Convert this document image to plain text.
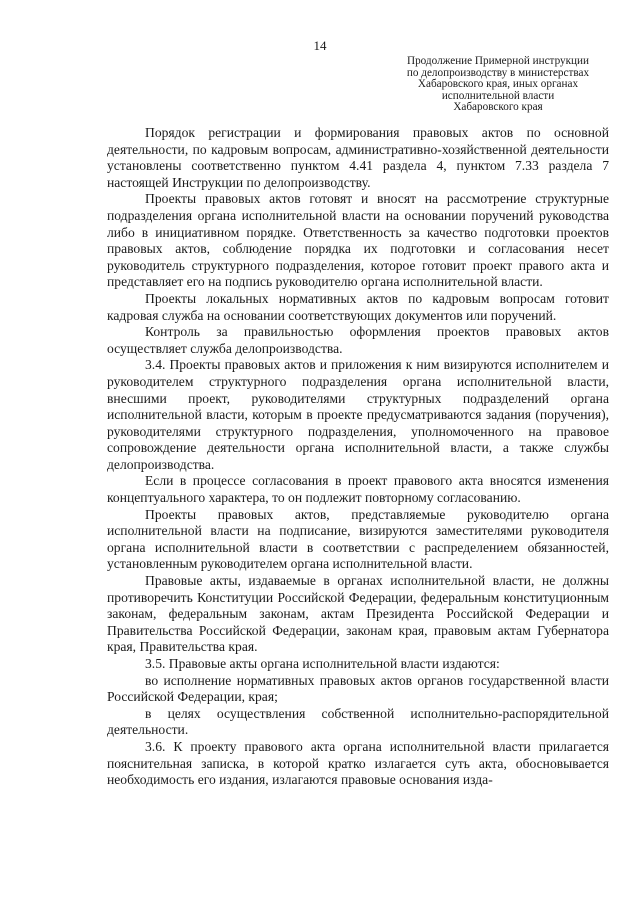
14
Продолжение Примерной инструкции
по делопроизводству в министерствах
Хабаровского края, иных органах
исполнительной власти
Хабаровского края

Порядок регистрации и формирования правовых актов по основной деятельности, по кадровым вопросам, административно-хозяйственной деятельности установлены соответственно пунктом 4.41 раздела 4, пунктом 7.33 раздела 7 настоящей Инструкции по делопроизводству.

Проекты правовых актов готовят и вносят на рассмотрение структурные подразделения органа исполнительной власти на основании поручений руководства либо в инициативном порядке. Ответственность за качество подготовки проектов правовых актов, соблюдение порядка их подготовки и согласования несет руководитель структурного подразделения, которое готовит проект правого акта и представляет его на подпись руководителю органа исполнительной власти.

Проекты локальных нормативных актов по кадровым вопросам готовит кадровая служба на основании соответствующих документов или поручений.

Контроль за правильностью оформления проектов правовых актов осуществляет служба делопроизводства.

3.4. Проекты правовых актов и приложения к ним визируются исполнителем и руководителем структурного подразделения органа исполнительной власти, внесшими проект, руководителями структурных подразделений органа исполнительной власти, которым в проекте предусматриваются задания (поручения), руководителями структурного подразделения, уполномоченного на правовое сопровождение деятельности органа исполнительной власти, а также службы делопроизводства.

Если в процессе согласования в проект правового акта вносятся изменения концептуального характера, то он подлежит повторному согласованию.

Проекты правовых актов, представляемые руководителю органа исполнительной власти на подписание, визируются заместителями руководителя органа исполнительной власти в соответствии с распределением обязанностей, установленным руководителем органа исполнительной власти.

Правовые акты, издаваемые в органах исполнительной власти, не должны противоречить Конституции Российской Федерации, федеральным конституционным законам, федеральным законам, актам Президента Российской Федерации и Правительства Российской Федерации, законам края, правовым актам Губернатора края, Правительства края.

3.5. Правовые акты органа исполнительной власти издаются:

во исполнение нормативных правовых актов органов государственной власти Российской Федерации, края;

в целях осуществления собственной исполнительно-распорядительной деятельности.

3.6. К проекту правового акта органа исполнительной власти прилагается пояснительная записка, в которой кратко излагается суть акта, обосновывается необходимость его издания, излагаются правовые основания изда-
